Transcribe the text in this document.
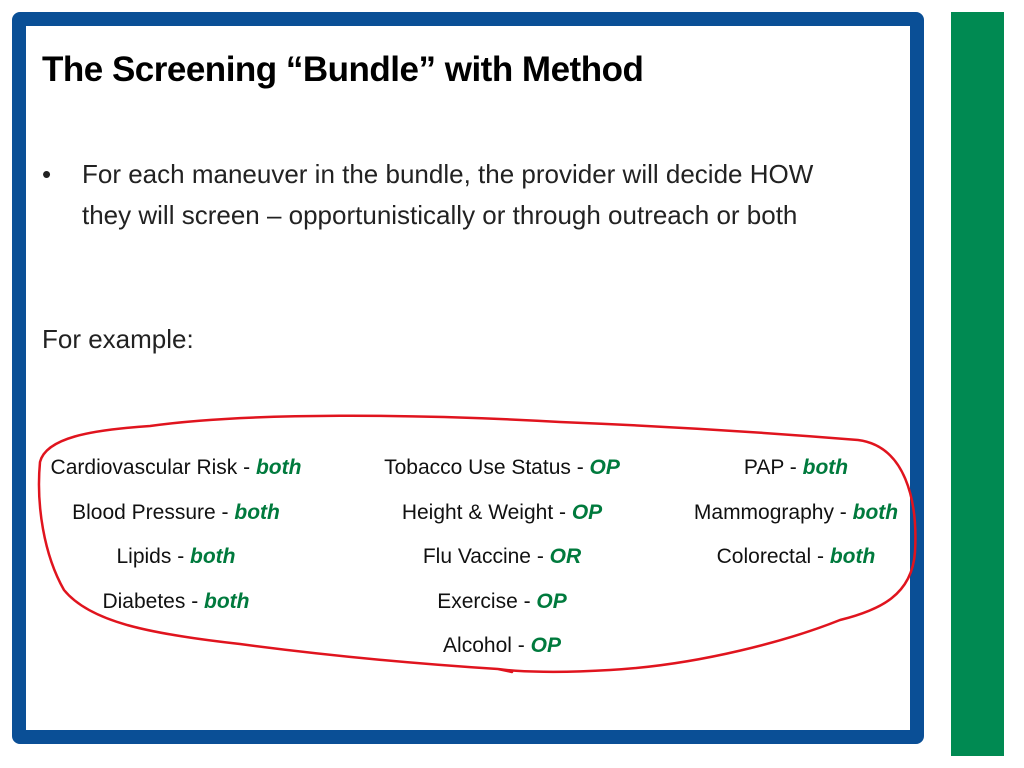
The Screening “Bundle” with Method
•	For each maneuver in the bundle, the provider will decide HOW they will screen – opportunistically or through outreach or both
For example:
Cardiovascular Risk - both
Blood Pressure - both
Lipids - both
Diabetes - both
Tobacco Use Status - OP
Height & Weight - OP
Flu Vaccine - OR
Exercise - OP
Alcohol - OP
PAP - both
Mammography - both
Colorectal - both
